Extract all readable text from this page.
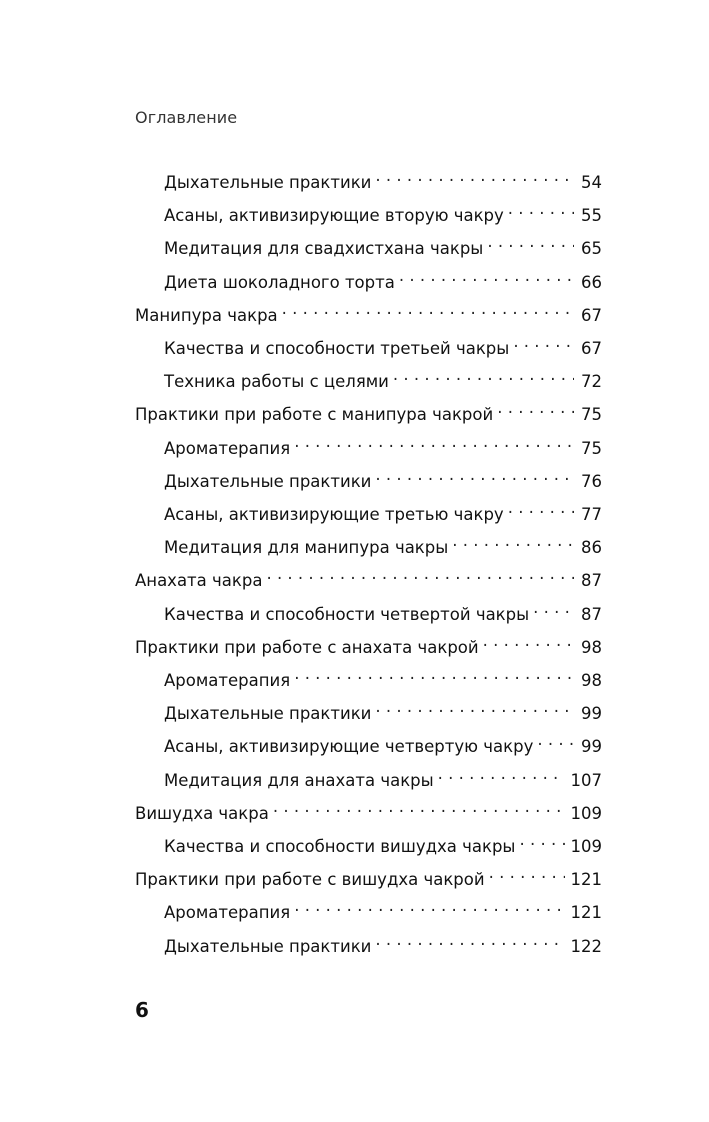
Оглавление
Дыхательные практики . . .	54
Асаны, активизирующие вторую чакру . . .	55
Медитация для свадхистхана чакры . . .	65
Диета шоколадного торта . . .	66
Манипура чакра . . .	67
Качества и способности третьей чакры . . .	67
Техника работы с целями . . .	72
Практики при работе с манипура чакрой . . .	75
Ароматерапия . . .	75
Дыхательные практики . . .	76
Асаны, активизирующие третью чакру . . .	77
Медитация для манипура чакры . . .	86
Анахата чакра . . .	87
Качества и способности четвертой чакры . . .	87
Практики при работе с анахата чакрой . . .	98
Ароматерапия . . .	98
Дыхательные практики . . .	99
Асаны, активизирующие четвертую чакру . . .	99
Медитация для анахата чакры . . .	107
Вишудха чакра . . .	109
Качества и способности вишудха чакры . . .	109
Практики при работе с вишудха чакрой . . .	121
Ароматерапия . . .	121
Дыхательные практики . . .	122

6
